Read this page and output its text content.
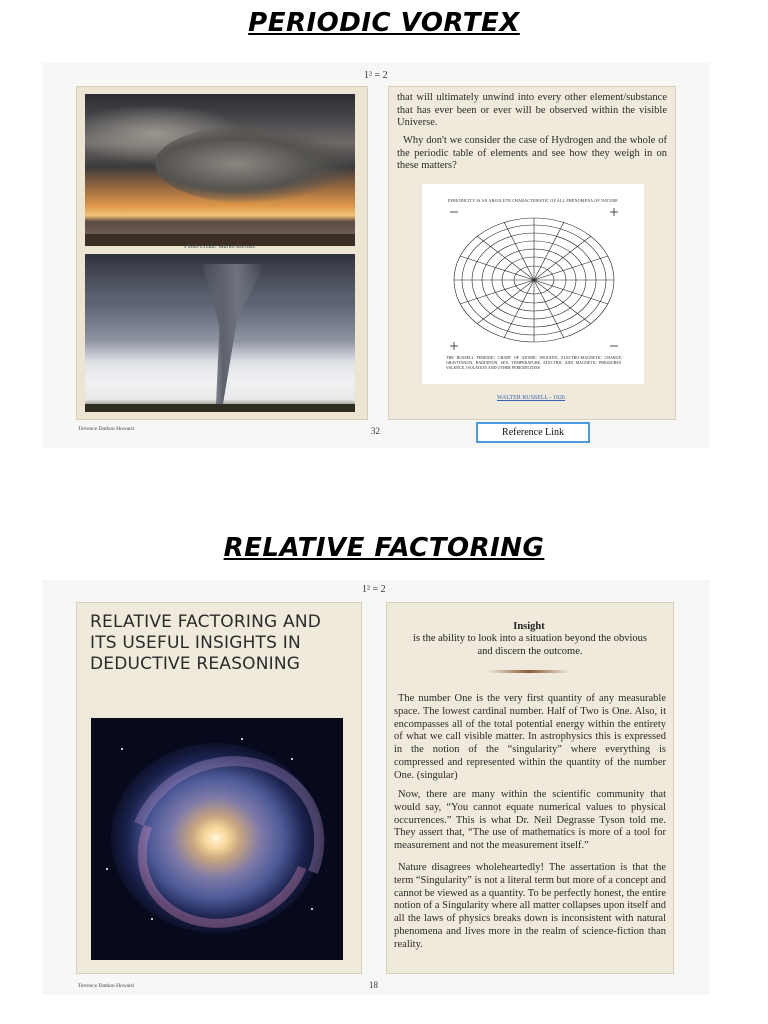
PERIODIC VORTEX
1² = 2
Photo Credit: Marko Korosec
Terrence Dathon Howard	32
that will ultimately unwind into every other element/substance that has ever been or ever will be observed within the visible Universe.
Why don't we consider the case of Hydrogen and the whole of the periodic table of elements and see how they weigh in on these matters?
PERIODICITY IS AN ABSOLUTE CHARACTERISTIC OF ALL PHENOMENA OF NATURE
THE RUSSELL PERIODIC CHART OF ATOMIC WEIGHTS, ELECTRO-MAGNETIC CHARGE, GRAVITATION, RADIATION, SEX, TEMPERATURE, ELECTRIC AND MAGNETIC PRESSURES, VALENCE, ISOLATION AND OTHER PERIODICITIES
WALTER RUSSELL - 1926
Reference Link
RELATIVE FACTORING
1² = 2
RELATIVE FACTORING AND ITS USEFUL INSIGHTS IN DEDUCTIVE REASONING
Terrence Dathon Howard	18
Insight
is the ability to look into a situation beyond the obvious and discern the outcome.
The number One is the very first quantity of any measurable space. The lowest cardinal number. Half of Two is One. Also, it encompasses all of the total potential energy within the entirety of what we call visible matter. In astrophysics this is expressed in the notion of the “singularity” where everything is compressed and represented within the quantity of the number One. (singular)
Now, there are many within the scientific community that would say, “You cannot equate numerical values to physical occurrences.” This is what Dr. Neil Degrasse Tyson told me. They assert that, “The use of mathematics is more of a tool for measurement and not the measurement itself.”
Nature disagrees wholeheartedly! The assertation is that the term “Singularity” is not a literal term but more of a concept and cannot be viewed as a quantity. To be perfectly honest, the entire notion of a Singularity where all matter collapses upon itself and all the laws of physics breaks down is inconsistent with natural phenomena and lives more in the realm of science-fiction than reality.
